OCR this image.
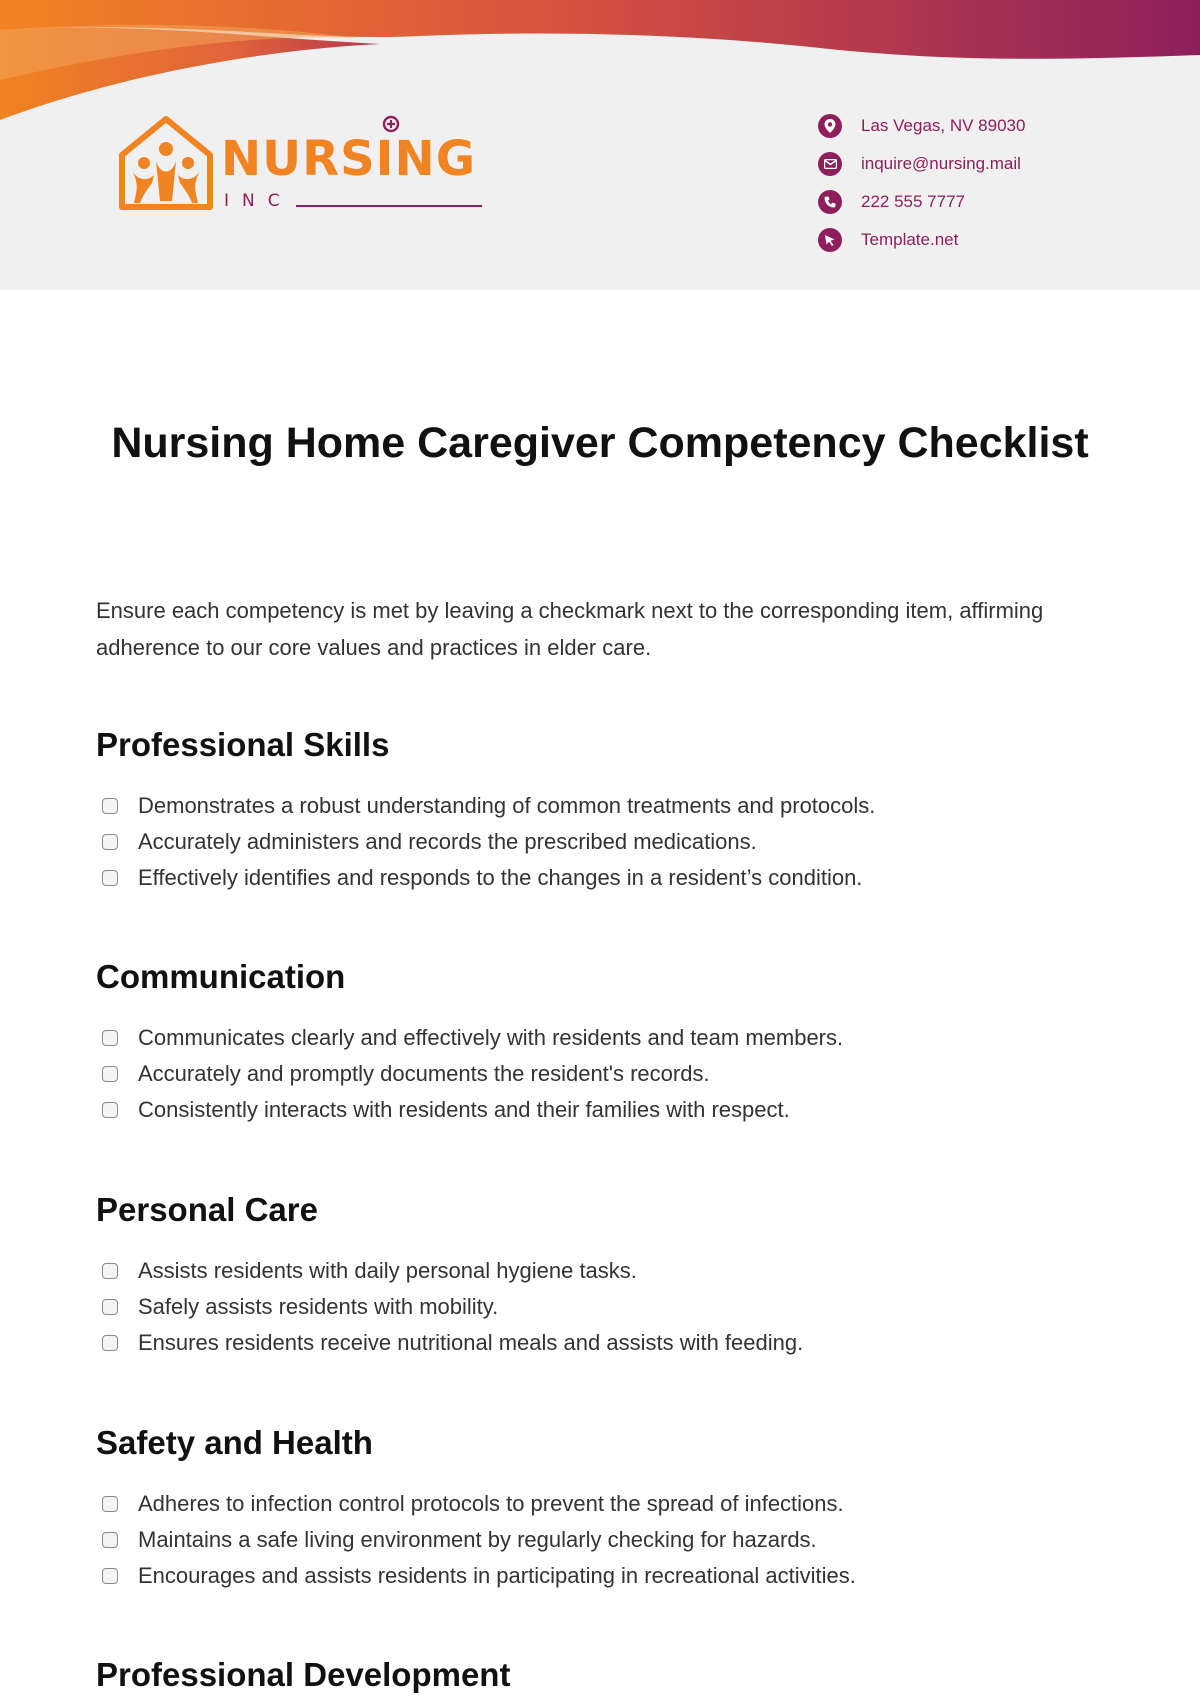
NURSING
INC
Las Vegas, NV 89030
inquire@nursing.mail
222 555 7777
Template.net
Nursing Home Caregiver Competency Checklist

Ensure each competency is met by leaving a checkmark next to the corresponding item, affirming adherence to our core values and practices in elder care.

Professional Skills
Demonstrates a robust understanding of common treatments and protocols.
Accurately administers and records the prescribed medications.
Effectively identifies and responds to the changes in a resident’s condition.
Communication
Communicates clearly and effectively with residents and team members.
Accurately and promptly documents the resident's records.
Consistently interacts with residents and their families with respect.
Personal Care
Assists residents with daily personal hygiene tasks.
Safely assists residents with mobility.
Ensures residents receive nutritional meals and assists with feeding.
Safety and Health
Adheres to infection control protocols to prevent the spread of infections.
Maintains a safe living environment by regularly checking for hazards.
Encourages and assists residents in participating in recreational activities.
Professional Development
